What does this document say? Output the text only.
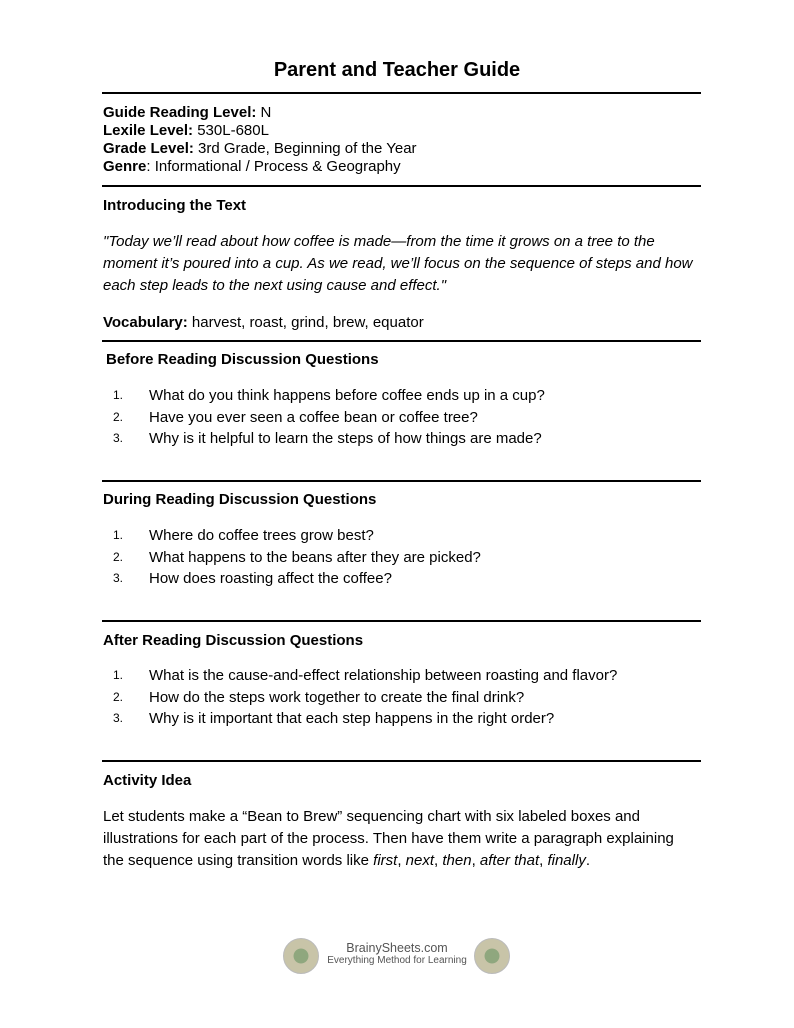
Parent and Teacher Guide
Guide Reading Level: N
Lexile Level: 530L-680L
Grade Level: 3rd Grade, Beginning of the Year
Genre: Informational / Process & Geography
Introducing the Text
"Today we’ll read about how coffee is made—from the time it grows on a tree to the moment it’s poured into a cup. As we read, we’ll focus on the sequence of steps and how each step leads to the next using cause and effect."
Vocabulary: harvest, roast, grind, brew, equator
Before Reading Discussion Questions
1. What do you think happens before coffee ends up in a cup?
2. Have you ever seen a coffee bean or coffee tree?
3. Why is it helpful to learn the steps of how things are made?
During Reading Discussion Questions
1. Where do coffee trees grow best?
2. What happens to the beans after they are picked?
3. How does roasting affect the coffee?
After Reading Discussion Questions
1. What is the cause-and-effect relationship between roasting and flavor?
2. How do the steps work together to create the final drink?
3. Why is it important that each step happens in the right order?
Activity Idea
Let students make a “Bean to Brew” sequencing chart with six labeled boxes and illustrations for each part of the process. Then have them write a paragraph explaining the sequence using transition words like first, next, then, after that, finally.
BrainySheets.com
Everything Method for Learning
